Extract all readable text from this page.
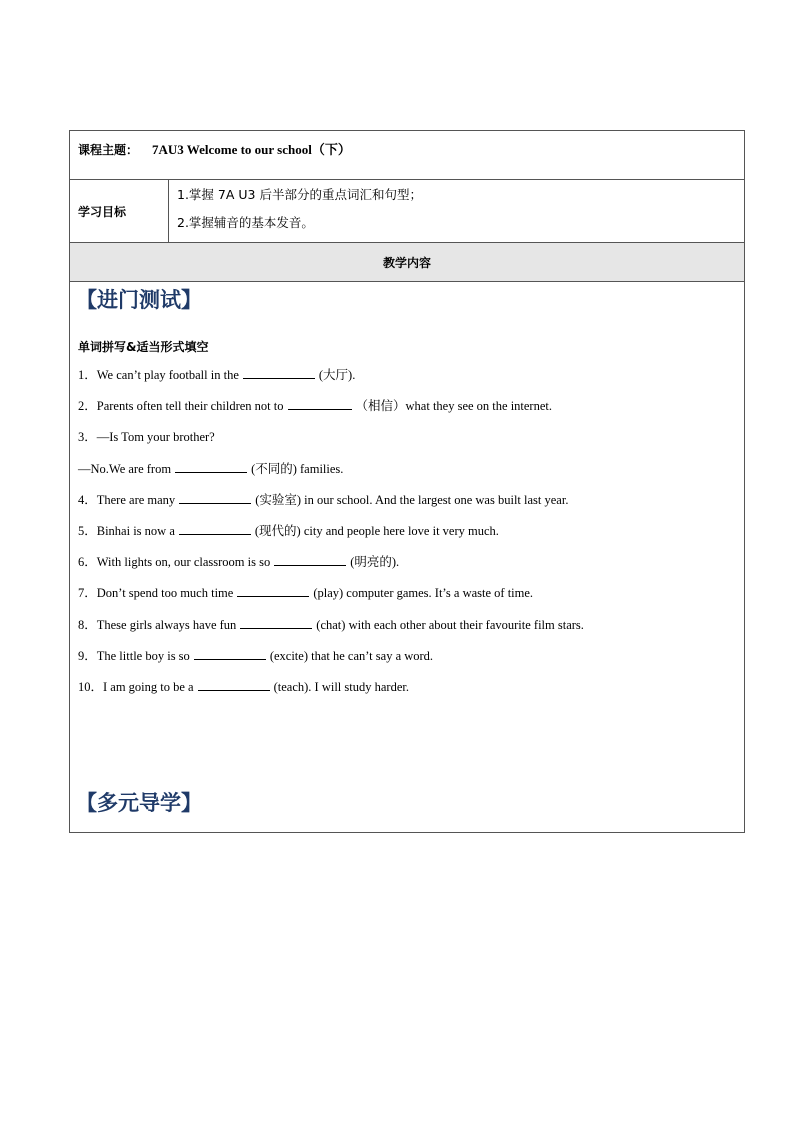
课程主题： 7AU3 Welcome to our school（下）
学习目标	
1.掌握 7A U3 后半部分的重点词汇和句型；
2.掌握辅音的基本发音。

教学内容

【进门测试】
单词拼写&适当形式填空
1．We can’t play football in the	(大厅).
2．Parents often tell their children not to	（相信）what they see on the internet.
3．—Is Tom your brother?
—No.We are from	(不同的) families.
4．There are many	(实验室) in our school. And the largest one was built last year.
5．Binhai is now a	(现代的) city and people here love it very much.
6．With lights on, our classroom is so	(明亮的).
7．Don’t spend too much time	(play) computer games. It’s a waste of time.
8．These girls always have fun	(chat) with each other about their favourite film stars.
9．The little boy is so	(excite) that he can’t say a word.
10．I am going to be a	(teach). I will study harder.
【多元导学】
